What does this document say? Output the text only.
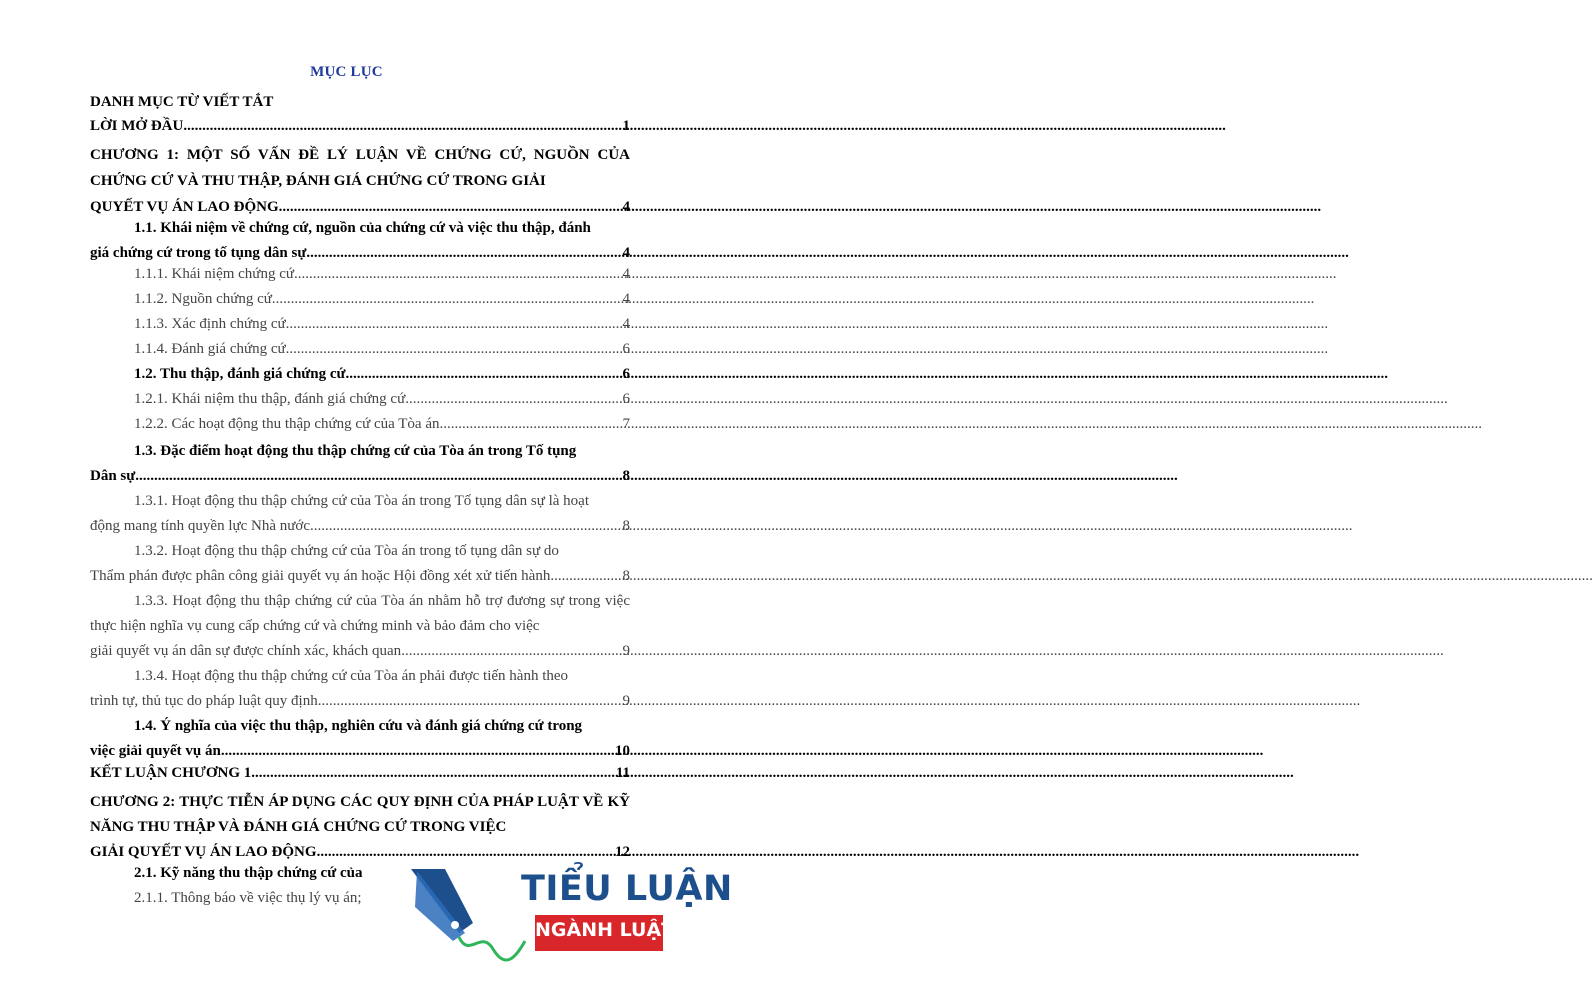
MỤC LỤC
DANH MỤC TỪ VIẾT TẮT
LỜI MỞ ĐẦU .....	1
CHƯƠNG 1: MỘT SỐ VẤN ĐỀ LÝ LUẬN VỀ CHỨNG CỨ, NGUỒN CỦA CHỨNG CỨ VÀ THU THẬP, ĐÁNH GIÁ CHỨNG CỨ TRONG GIẢI
QUYẾT VỤ ÁN LAO ĐỘNG .....	4
1.1. Khái niệm về chứng cứ, nguồn của chứng cứ và việc thu thập, đánh
giá chứng cứ trong tố tụng dân sự .....	4
1.1.1. Khái niệm chứng cứ .....	4
1.1.2. Nguồn chứng cứ .....	4
1.1.3. Xác định chứng cứ .....	4
1.1.4. Đánh giá chứng cứ .....	6
1.2. Thu thập, đánh giá chứng cứ .....	6
1.2.1. Khái niệm thu thập, đánh giá chứng cứ .....	6
1.2.2. Các hoạt động thu thập chứng cứ của Tòa án .....	7
1.3. Đặc điểm hoạt động thu thập chứng cứ của Tòa án trong Tố tụng
Dân sự .....	8
1.3.1. Hoạt động thu thập chứng cứ của Tòa án trong Tố tụng dân sự là hoạt
động mang tính quyền lực Nhà nước .....	8
1.3.2. Hoạt động thu thập chứng cứ của Tòa án trong tố tụng dân sự do
Thẩm phán được phân công giải quyết vụ án hoặc Hội đồng xét xử tiến hành .....	8
1.3.3. Hoạt động thu thập chứng cứ của Tòa án nhằm hỗ trợ đương sự trong việc thực hiện nghĩa vụ cung cấp chứng cứ và chứng minh và bảo đảm cho việc
giải quyết vụ án dân sự được chính xác, khách quan .....	9
1.3.4. Hoạt động thu thập chứng cứ của Tòa án phải được tiến hành theo
trình tự, thủ tục do pháp luật quy định .....	9
1.4. Ý nghĩa của việc thu thập, nghiên cứu và đánh giá chứng cứ trong
việc giải quyết vụ án .....	10
KẾT LUẬN CHƯƠNG 1 .....	11
CHƯƠNG 2: THỰC TIỄN ÁP DỤNG CÁC QUY ĐỊNH CỦA PHÁP LUẬT VỀ KỸ NĂNG THU THẬP VÀ ĐÁNH GIÁ CHỨNG CỨ TRONG VIỆC
GIẢI QUYẾT VỤ ÁN LAO ĐỘNG .....	12
2.1. Kỹ năng thu thập chứng cứ của
2.1.1. Thông báo về việc thụ lý vụ án;	TIỂU LUẬN
NGÀNH LUẬT
